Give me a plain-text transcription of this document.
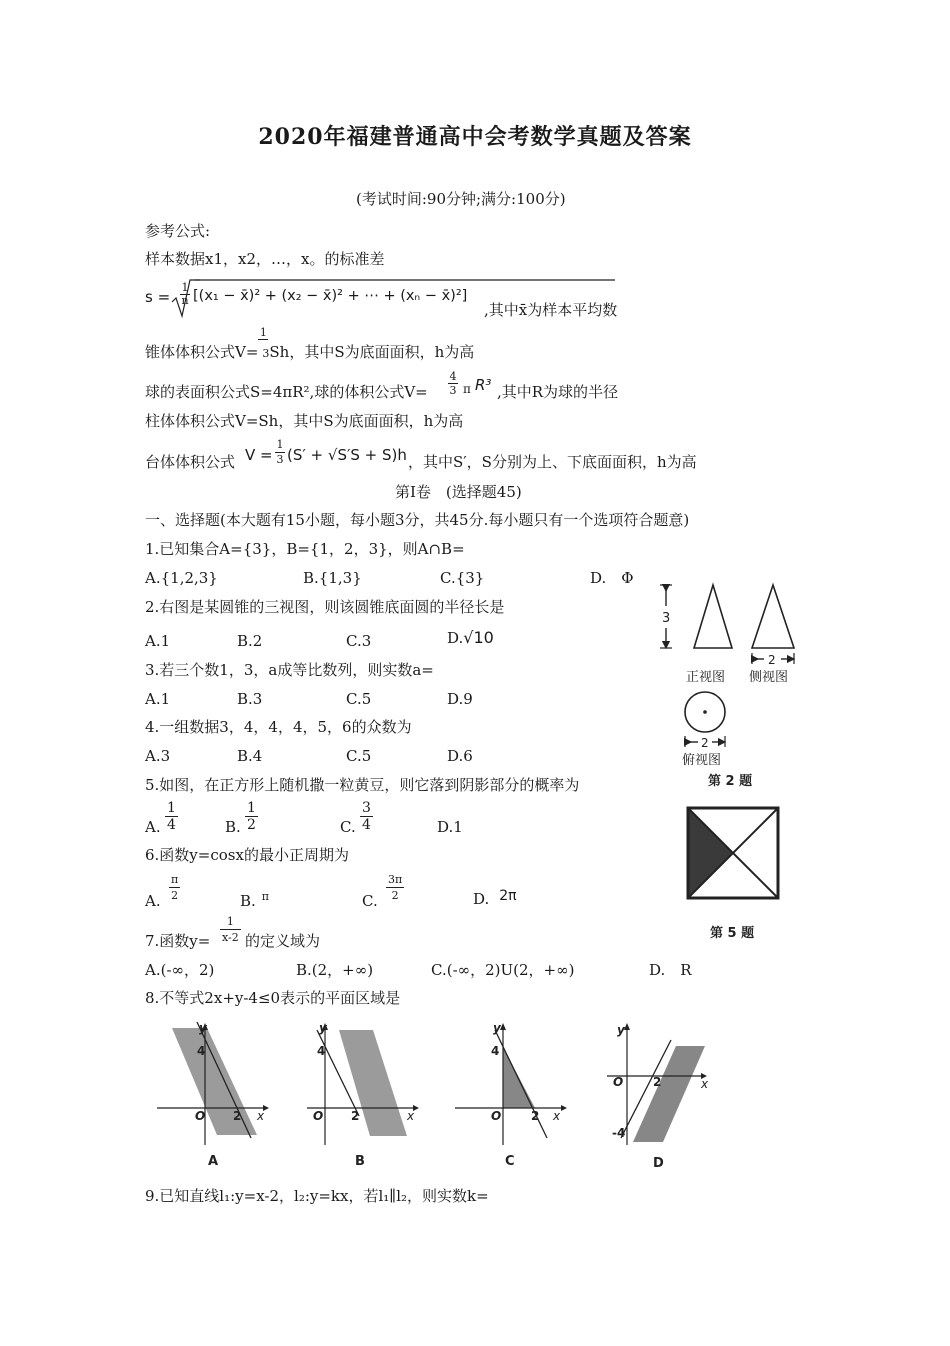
2020年福建普通高中会考数学真题及答案
(考试时间:90分钟;满分:100分)
参考公式:
样本数据x1，x2，…，x。的标准差
$s = \frac{1}{n} [(x_1$ − x̄)² + (x₂ − x̄)² + ⋯ + (xₙ − x̄)²]
,其中x̄为样本平均数
锥体体积公式V=
1
3Sh，其中S为底面面积，h为高
球的表面积公式S=4πR²,球的体积公式$V= \frac{4}{3}$ π R³ ,其中R为球的半径
柱体体积公式V=Sh，其中S为底面面积，h为高
台体体积公式 $V = \frac{1}{3} (S' + √S'S + S)h$ ，其中S′，S分别为上、下底面面积，h为高
第Ⅰ卷　(选择题45)
一、选择题(本大题有15小题，每小题3分，共45分.每小题只有一个选项符合题意)
1.已知集合A={3}，B={1，2，3}，则A∩B=
A.{1,2,3}	B.{1,3}	C.{3}	D.　Φ
2.右图是某圆锥的三视图，则该圆锥底面圆的半径长是
A.1	B.2	C.3	D.√10
3.若三个数1，3，a成等比数列，则实数a=
A.1	B.3	C.5	D.9
4.一组数据3，4，4，4，5，6的众数为
A.3	B.4	C.5	D.6
5.如图，在正方形上随机撒一粒黄豆，则它落到阴影部分的概率为
A. $\frac{1}{4}$	B. $\frac{1}{2}$	C. $\frac{3}{4}$	D.1
6.函数y=cosx的最小正周期为
A. $\frac{\pi}{2}$	B. $^\pi$	C. $\frac{3\pi}{2}$	D. 2π
7.函数$y= \frac{1}{x-2}$ 的定义域为
A.(-∞，2)	B.(2，+∞)	C.(-∞，2)U(2，+∞)	D.　R
8.不等式2x+y-4≤0表示的平面区域是
9.已知直线l₁:y=x-2，l₂:y=kx，若l₁∥l₂，则实数k=
3
2
正视图 侧视图
2
俯视图
第 2 题
第 5 题
y
4
O 2 x
A
y
4
O 2	x
B
y
4
O 2 x
C
y
-4
O 2	x
D
